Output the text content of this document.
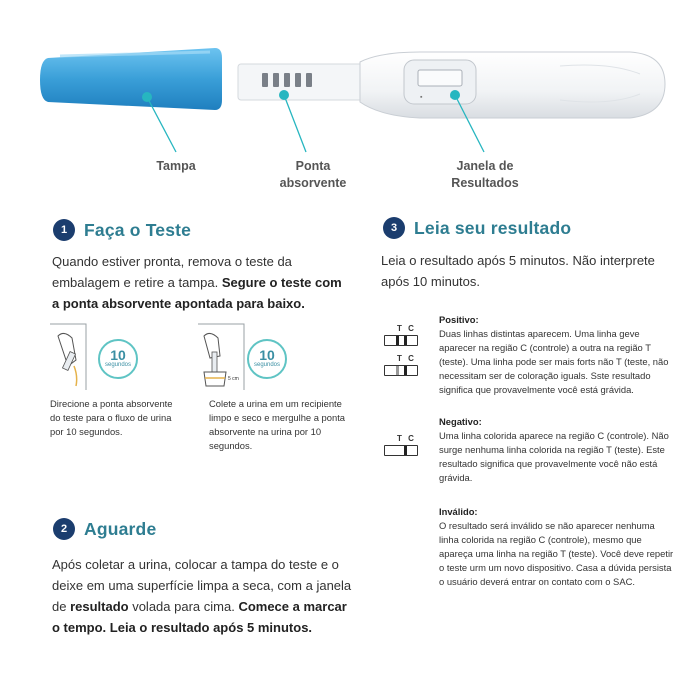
▪
Tampa	Ponta
absorvente
Janela de
Resultados
1 Faça o Teste
Quando estiver pronta, remova o teste da embalagem e retire a tampa. Segure o teste com a ponta absorvente apontada para baixo.
10
segundos
Direcione a ponta absorvente do teste para o fluxo de urina por 10 segundos.
5 cm
10
segundos
Colete a urina em um recipiente limpo e seco e mergulhe a ponta absorvente na urina por 10 segundos.
2 Aguarde
Após coletar a urina, colocar a tampa do teste e o deixe em uma superfície limpa a seca, com a janela de resultado volada para cima. Comece a marcar o tempo. Leia o resultado após 5 minutos.
3 Leia seu resultado
Leia o resultado após 5 minutos. Não interprete após 10 minutos.
T C
T C
Positivo:
Duas linhas distintas aparecem. Uma linha geve aparecer na região C (controle) a outra na região T (teste). Uma linha pode ser mais forts não T (teste, não necessitam ser de coloração iguals. Sste resultado significa que provavelmente você está grávida.
T C
Negativo:
Uma linha colorida aparece na região C (controle). Não surge nenhuma linha colorida na região T (teste). Este resultado significa que provavelmente você não está grávida.
Inválido:
O resultado será inválido se não aparecer nenhuma linha colorida na região C (controle), mesmo que apareça uma linha na região T (teste). Você deve repetir o teste urm um novo dispositivo. Casa a dúvida persista o usuário deverá entrar on contato com o SAC.
